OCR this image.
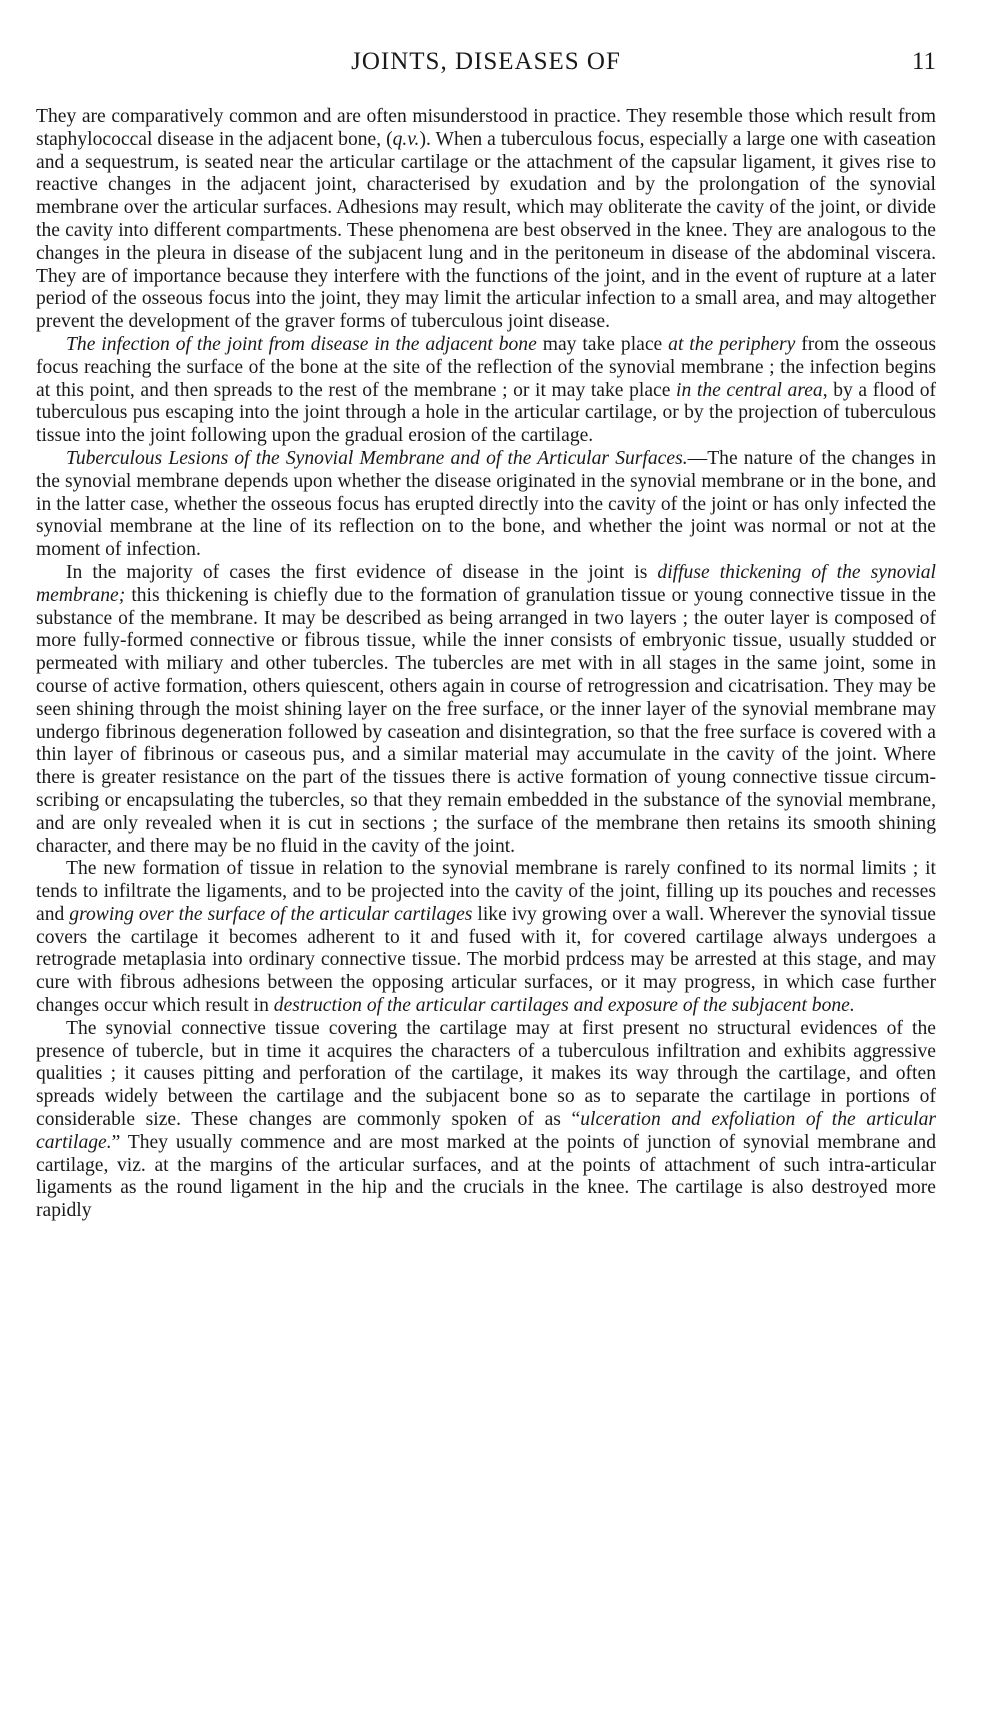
JOINTS, DISEASES OF	11

They are comparatively common and are often misunderstood in practice. They resemble those which result from staphylococcal disease in the adjacent bone, (q.v.). When a tuberculous focus, especially a large one with caseation and a sequestrum, is seated near the articular cartilage or the attachment of the capsular ligament, it gives rise to reactive changes in the adjacent joint, characterised by exudation and by the prolongation of the synovial membrane over the articular surfaces. Adhesions may result, which may obliterate the cavity of the joint, or divide the cavity into different compartments. These phenomena are best observed in the knee. They are analogous to the changes in the pleura in disease of the subjacent lung and in the peritoneum in disease of the abdominal viscera. They are of importance because they interfere with the functions of the joint, and in the event of rupture at a later period of the osseous focus into the joint, they may limit the articular infection to a small area, and may altogether prevent the development of the graver forms of tuberculous joint disease.

The infection of the joint from disease in the adjacent bone may take place at the periphery from the osseous focus reaching the surface of the bone at the site of the reflection of the synovial membrane ; the infection begins at this point, and then spreads to the rest of the membrane ; or it may take place in the central area, by a flood of tuberculous pus escaping into the joint through a hole in the articular cartilage, or by the projection of tuberculous tissue into the joint following upon the gradual erosion of the cartilage.

Tuberculous Lesions of the Synovial Membrane and of the Articular Surfaces.—The nature of the changes in the synovial membrane depends upon whether the disease originated in the synovial membrane or in the bone, and in the latter case, whether the osseous focus has erupted directly into the cavity of the joint or has only infected the synovial membrane at the line of its reflection on to the bone, and whether the joint was normal or not at the moment of infection.

In the majority of cases the first evidence of disease in the joint is diffuse thickening of the synovial membrane; this thickening is chiefly due to the formation of granulation tissue or young connective tissue in the substance of the membrane. It may be described as being arranged in two layers ; the outer layer is composed of more fully-formed connective or fibrous tissue, while the inner consists of embryonic tissue, usually studded or permeated with miliary and other tubercles. The tubercles are met with in all stages in the same joint, some in course of active formation, others quiescent, others again in course of retrogression and cicatrisation. They may be seen shining through the moist shining layer on the free surface, or the inner layer of the synovial membrane may undergo fibrinous degeneration followed by caseation and disintegration, so that the free surface is covered with a thin layer of fibrinous or caseous pus, and a similar material may accumulate in the cavity of the joint. Where there is greater resistance on the part of the tissues there is active formation of young connective tissue circumscribing or encapsulating the tubercles, so that they remain embedded in the substance of the synovial membrane, and are only revealed when it is cut in sections ; the surface of the membrane then retains its smooth shining character, and there may be no fluid in the cavity of the joint.

The new formation of tissue in relation to the synovial membrane is rarely confined to its normal limits ; it tends to infiltrate the ligaments, and to be projected into the cavity of the joint, filling up its pouches and recesses and growing over the surface of the articular cartilages like ivy growing over a wall. Wherever the synovial tissue covers the cartilage it becomes adherent to it and fused with it, for covered cartilage always undergoes a retrograde metaplasia into ordinary connective tissue. The morbid prdcess may be arrested at this stage, and may cure with fibrous adhesions between the opposing articular surfaces, or it may progress, in which case further changes occur which result in destruction of the articular cartilages and exposure of the subjacent bone.

The synovial connective tissue covering the cartilage may at first present no structural evidences of the presence of tubercle, but in time it acquires the characters of a tuberculous infiltration and exhibits aggressive qualities ; it causes pitting and perforation of the cartilage, it makes its way through the cartilage, and often spreads widely between the cartilage and the subjacent bone so as to separate the cartilage in portions of considerable size. These changes are commonly spoken of as “ulceration and exfoliation of the articular cartilage.” They usually commence and are most marked at the points of junction of synovial membrane and cartilage, viz. at the margins of the articular surfaces, and at the points of attachment of such intra-articular ligaments as the round ligament in the hip and the crucials in the knee. The cartilage is also destroyed more rapidly
